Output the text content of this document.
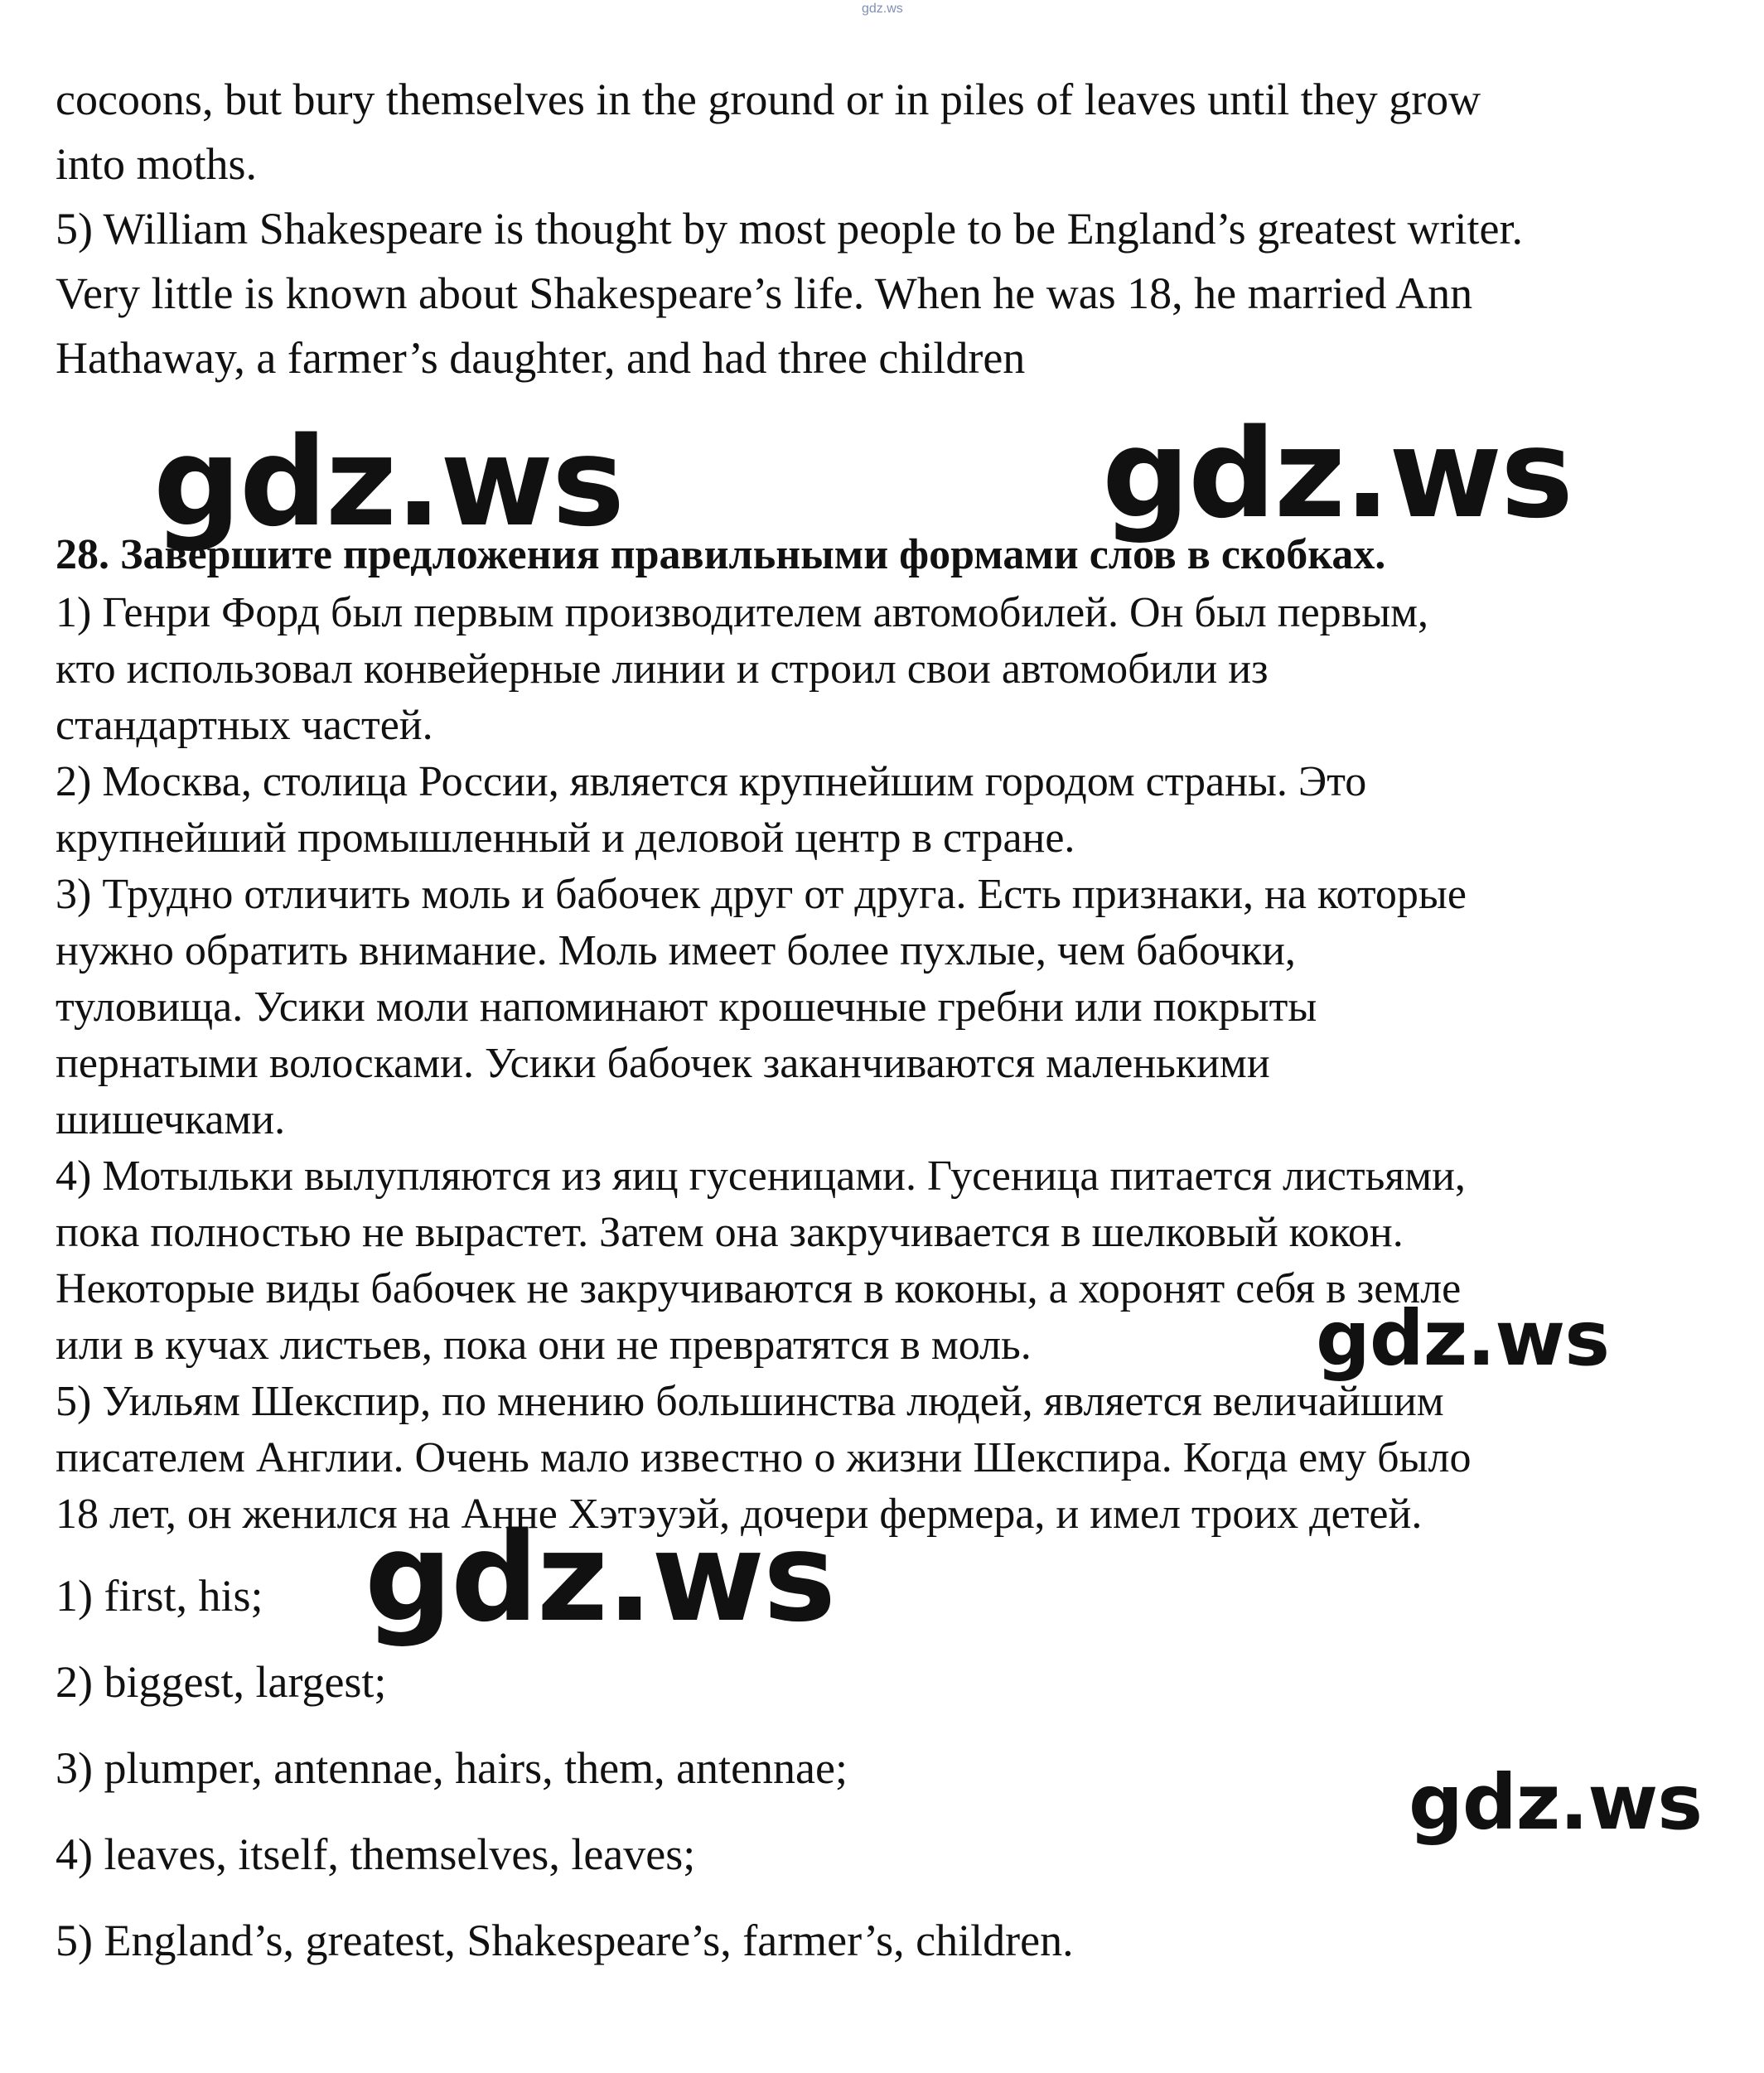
gdz.ws
cocoons, but bury themselves in the ground or in piles of leaves until they grow
into moths.
5) William Shakespeare is thought by most people to be England’s greatest writer.
Very little is known about Shakespeare’s life. When he was 18, he married Ann
Hathaway, a farmer’s daughter, and had three children
gdz.ws	gdz.ws
28. Завершите предложения правильными формами слов в скобках.
1) Генри Форд был первым производителем автомобилей. Он был первым,
кто использовал конвейерные линии и строил свои автомобили из
стандартных частей.
2) Москва, столица России, является крупнейшим городом страны. Это
крупнейший промышленный и деловой центр в стране.
3) Трудно отличить моль и бабочек друг от друга. Есть признаки, на которые
нужно обратить внимание. Моль имеет более пухлые, чем бабочки,
туловища. Усики моли напоминают крошечные гребни или покрыты
пернатыми волосками. Усики бабочек заканчиваются маленькими
шишечками.
4) Мотыльки вылупляются из яиц гусеницами. Гусеница питается листьями,
пока полностью не вырастет. Затем она закручивается в шелковый кокон.
Некоторые виды бабочек не закручиваются в коконы, а хоронят себя в земле
или в кучах листьев, пока они не превратятся в моль.
5) Уильям Шекспир, по мнению большинства людей, является величайшим
писателем Англии. Очень мало известно о жизни Шекспира. Когда ему было
18 лет, он женился на Анне Хэтэуэй, дочери фермера, и имел троих детей.
gdz.ws
1) first, his;
2) biggest, largest;
3) plumper, antennae, hairs, them, antennae;
4) leaves, itself, themselves, leaves;
5) England’s, greatest, Shakespeare’s, farmer’s, children.
gdz.ws
gdz.ws
